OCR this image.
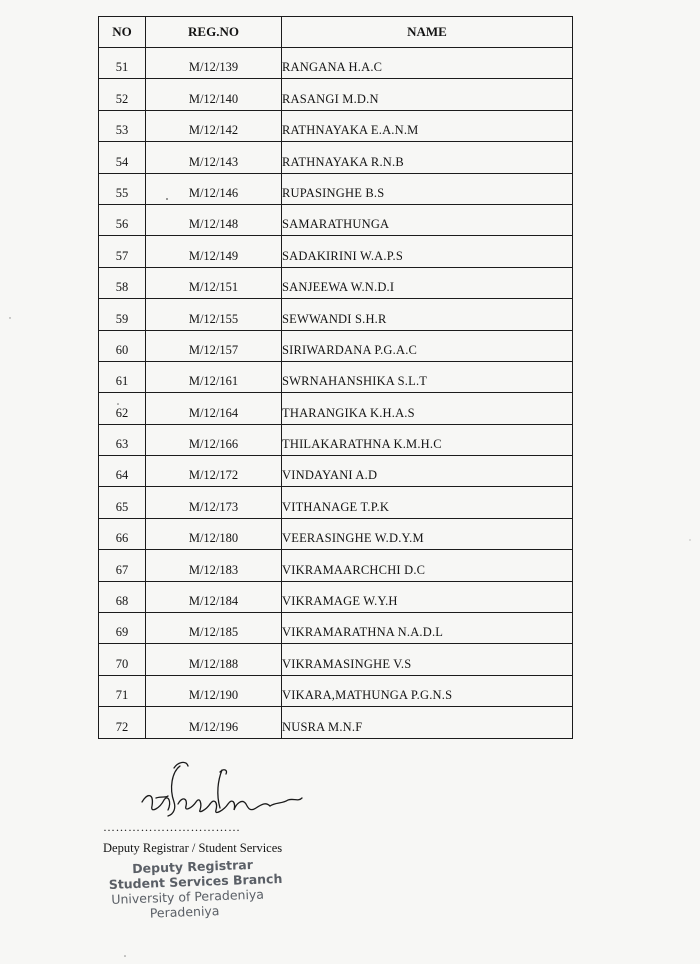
NO	REG.NO	NAME
51	M/12/139	RANGANA H.A.C
52	M/12/140	RASANGI M.D.N
53	M/12/142	RATHNAYAKA E.A.N.M
54	M/12/143	RATHNAYAKA R.N.B
55	M/12/146	RUPASINGHE B.S
56	M/12/148	SAMARATHUNGA
57	M/12/149	SADAKIRINI W.A.P.S
58	M/12/151	SANJEEWA W.N.D.I
59	M/12/155	SEWWANDI S.H.R
60	M/12/157	SIRIWARDANA P.G.A.C
61	M/12/161	SWRNAHANSHIKA S.L.T
62	M/12/164	THARANGIKA K.H.A.S
63	M/12/166	THILAKARATHNA K.M.H.C
64	M/12/172	VINDAYANI A.D
65	M/12/173	VITHANAGE T.P.K
66	M/12/180	VEERASINGHE W.D.Y.M
67	M/12/183	VIKRAMAARCHCHI D.C
68	M/12/184	VIKRAMAGE W.Y.H
69	M/12/185	VIKRAMARATHNA N.A.D.L
70	M/12/188	VIKRAMASINGHE V.S
71	M/12/190	VIKARA,MATHUNGA P.G.N.S
72	M/12/196	NUSRA M.N.F
……………………………
Deputy Registrar / Student Services
Deputy Registrar
Student Services Branch
University of Peradeniya
Peradeniya
